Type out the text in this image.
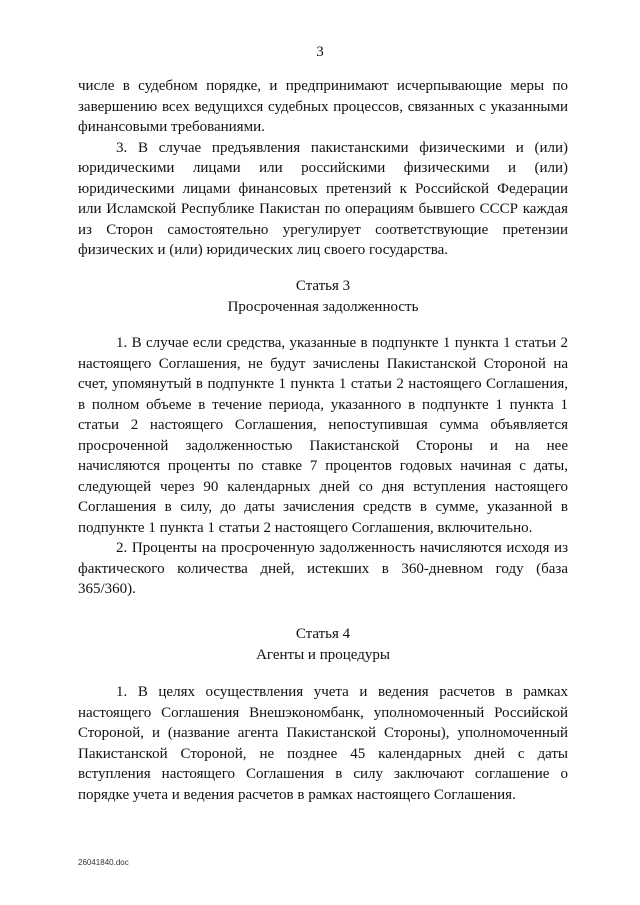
3

числе в судебном порядке, и предпринимают исчерпывающие меры по завершению всех ведущихся судебных процессов, связанных с указанными финансовыми требованиями.

3. В случае предъявления пакистанскими физическими и (или) юридическими лицами или российскими физическими и (или) юридическими лицами финансовых претензий к Российской Федерации или Исламской Республике Пакистан по операциям бывшего СССР каждая из Сторон самостоятельно урегулирует соответствующие претензии физических и (или) юридических лиц своего государства.

Статья 3

Просроченная задолженность

1. В случае если средства, указанные в подпункте 1 пункта 1 статьи 2 настоящего Соглашения, не будут зачислены Пакистанской Стороной на счет, упомянутый в подпункте 1 пункта 1 статьи 2 настоящего Соглашения, в полном объеме в течение периода, указанного в подпункте 1 пункта 1 статьи 2 настоящего Соглашения, непоступившая сумма объявляется просроченной задолженностью Пакистанской Стороны и на нее начисляются проценты по ставке 7 процентов годовых начиная с даты, следующей через 90 календарных дней со дня вступления настоящего Соглашения в силу, до даты зачисления средств в сумме, указанной в подпункте 1 пункта 1 статьи 2 настоящего Соглашения, включительно.

2. Проценты на просроченную задолженность начисляются исходя из фактического количества дней, истекших в 360-дневном году (база 365/360).

Статья 4

Агенты и процедуры

1. В целях осуществления учета и ведения расчетов в рамках настоящего Соглашения Внешэкономбанк, уполномоченный Российской Стороной, и (название агента Пакистанской Стороны), уполномоченный Пакистанской Стороной, не позднее 45 календарных дней с даты вступления настоящего Соглашения в силу заключают соглашение о порядке учета и ведения расчетов в рамках настоящего Соглашения.

26041840.doc
